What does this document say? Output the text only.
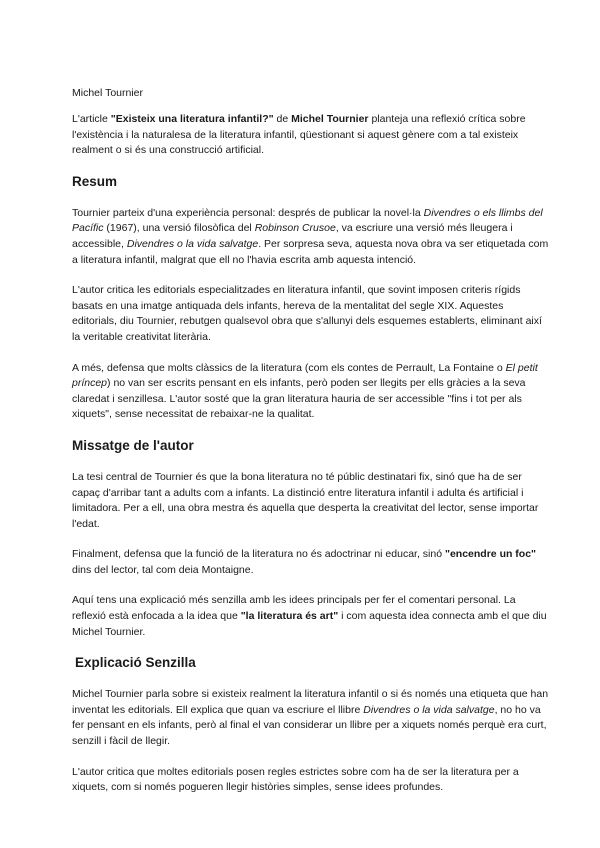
Michel Tournier

L'article "Existeix una literatura infantil?" de Michel Tournier planteja una reflexió crítica sobre l'existència i la naturalesa de la literatura infantil, qüestionant si aquest gènere com a tal existeix realment o si és una construcció artificial.

Resum

Tournier parteix d'una experiència personal: després de publicar la novel·la Divendres o els llimbs del Pacífic (1967), una versió filosòfica del Robinson Crusoe, va escriure una versió més lleugera i accessible, Divendres o la vida salvatge. Per sorpresa seva, aquesta nova obra va ser etiquetada com a literatura infantil, malgrat que ell no l'havia escrita amb aquesta intenció.

L'autor critica les editorials especialitzades en literatura infantil, que sovint imposen criteris rígids basats en una imatge antiquada dels infants, hereva de la mentalitat del segle XIX. Aquestes editorials, diu Tournier, rebutgen qualsevol obra que s'allunyi dels esquemes establerts, eliminant així la veritable creativitat literària.

A més, defensa que molts clàssics de la literatura (com els contes de Perrault, La Fontaine o El petit príncep) no van ser escrits pensant en els infants, però poden ser llegits per ells gràcies a la seva claredat i senzillesa. L'autor sosté que la gran literatura hauria de ser accessible "fins i tot per als xiquets", sense necessitat de rebaixar-ne la qualitat.

Missatge de l'autor

La tesi central de Tournier és que la bona literatura no té públic destinatari fix, sinó que ha de ser capaç d'arribar tant a adults com a infants. La distinció entre literatura infantil i adulta és artificial i limitadora. Per a ell, una obra mestra és aquella que desperta la creativitat del lector, sense importar l'edat.

Finalment, defensa que la funció de la literatura no és adoctrinar ni educar, sinó "encendre un foc" dins del lector, tal com deia Montaigne.

Aquí tens una explicació més senzilla amb les idees principals per fer el comentari personal. La reflexió està enfocada a la idea que "la literatura és art" i com aquesta idea connecta amb el que diu Michel Tournier.

Explicació Senzilla

Michel Tournier parla sobre si existeix realment la literatura infantil o si és només una etiqueta que han inventat les editorials. Ell explica que quan va escriure el llibre Divendres o la vida salvatge, no ho va fer pensant en els infants, però al final el van considerar un llibre per a xiquets només perquè era curt, senzill i fàcil de llegir.

L'autor critica que moltes editorials posen regles estrictes sobre com ha de ser la literatura per a xiquets, com si només pogueren llegir històries simples, sense idees profundes.
